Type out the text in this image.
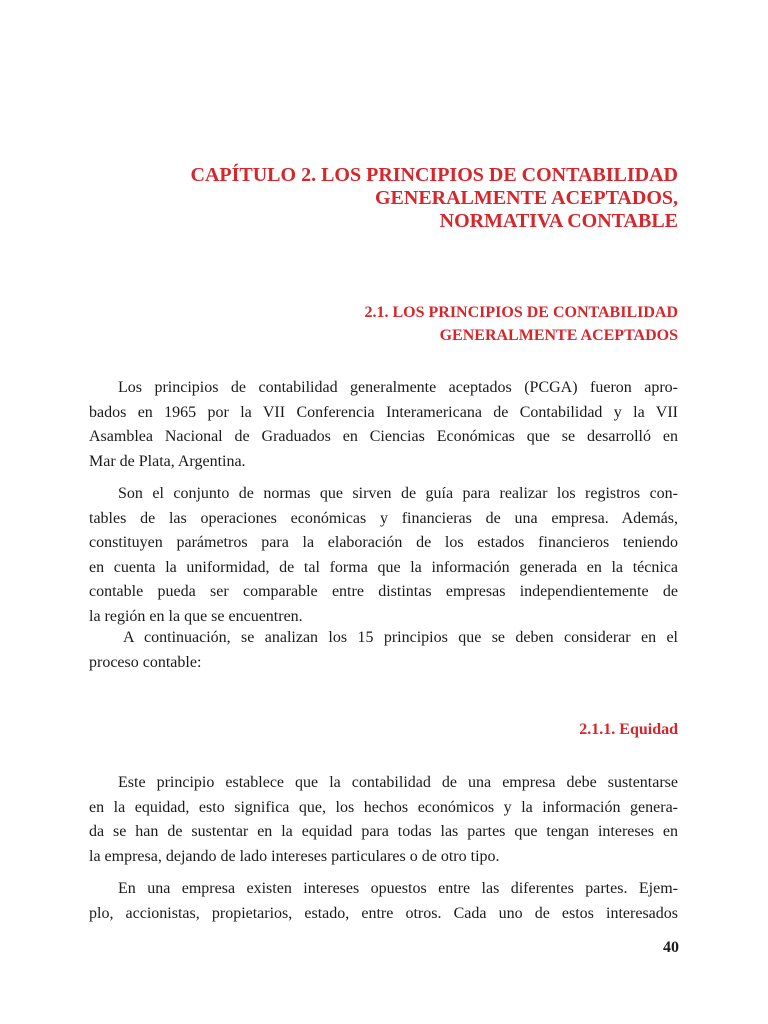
CAPÍTULO 2. LOS PRINCIPIOS DE CONTABILIDAD
GENERALMENTE ACEPTADOS,
NORMATIVA CONTABLE
2.1. LOS PRINCIPIOS DE CONTABILIDAD
GENERALMENTE ACEPTADOS

Los principios de contabilidad generalmente aceptados (PCGA) fueron apro-
bados en 1965 por la VII Conferencia Interamericana de Contabilidad y la VII
Asamblea Nacional de Graduados en Ciencias Económicas que se desarrolló en
Mar de Plata, Argentina.

Son el conjunto de normas que sirven de guía para realizar los registros con-
tables de las operaciones económicas y financieras de una empresa. Además,
constituyen parámetros para la elaboración de los estados financieros teniendo
en cuenta la uniformidad, de tal forma que la información generada en la técnica
contable pueda ser comparable entre distintas empresas independientemente de
la región en la que se encuentren.

A continuación, se analizan los 15 principios que se deben considerar en el
proceso contable:

2.1.1. Equidad

Este principio establece que la contabilidad de una empresa debe sustentarse
en la equidad, esto significa que, los hechos económicos y la información genera-
da se han de sustentar en la equidad para todas las partes que tengan intereses en
la empresa, dejando de lado intereses particulares o de otro tipo.

En una empresa existen intereses opuestos entre las diferentes partes. Ejem-
plo, accionistas, propietarios, estado, entre otros. Cada uno de estos interesados

40
